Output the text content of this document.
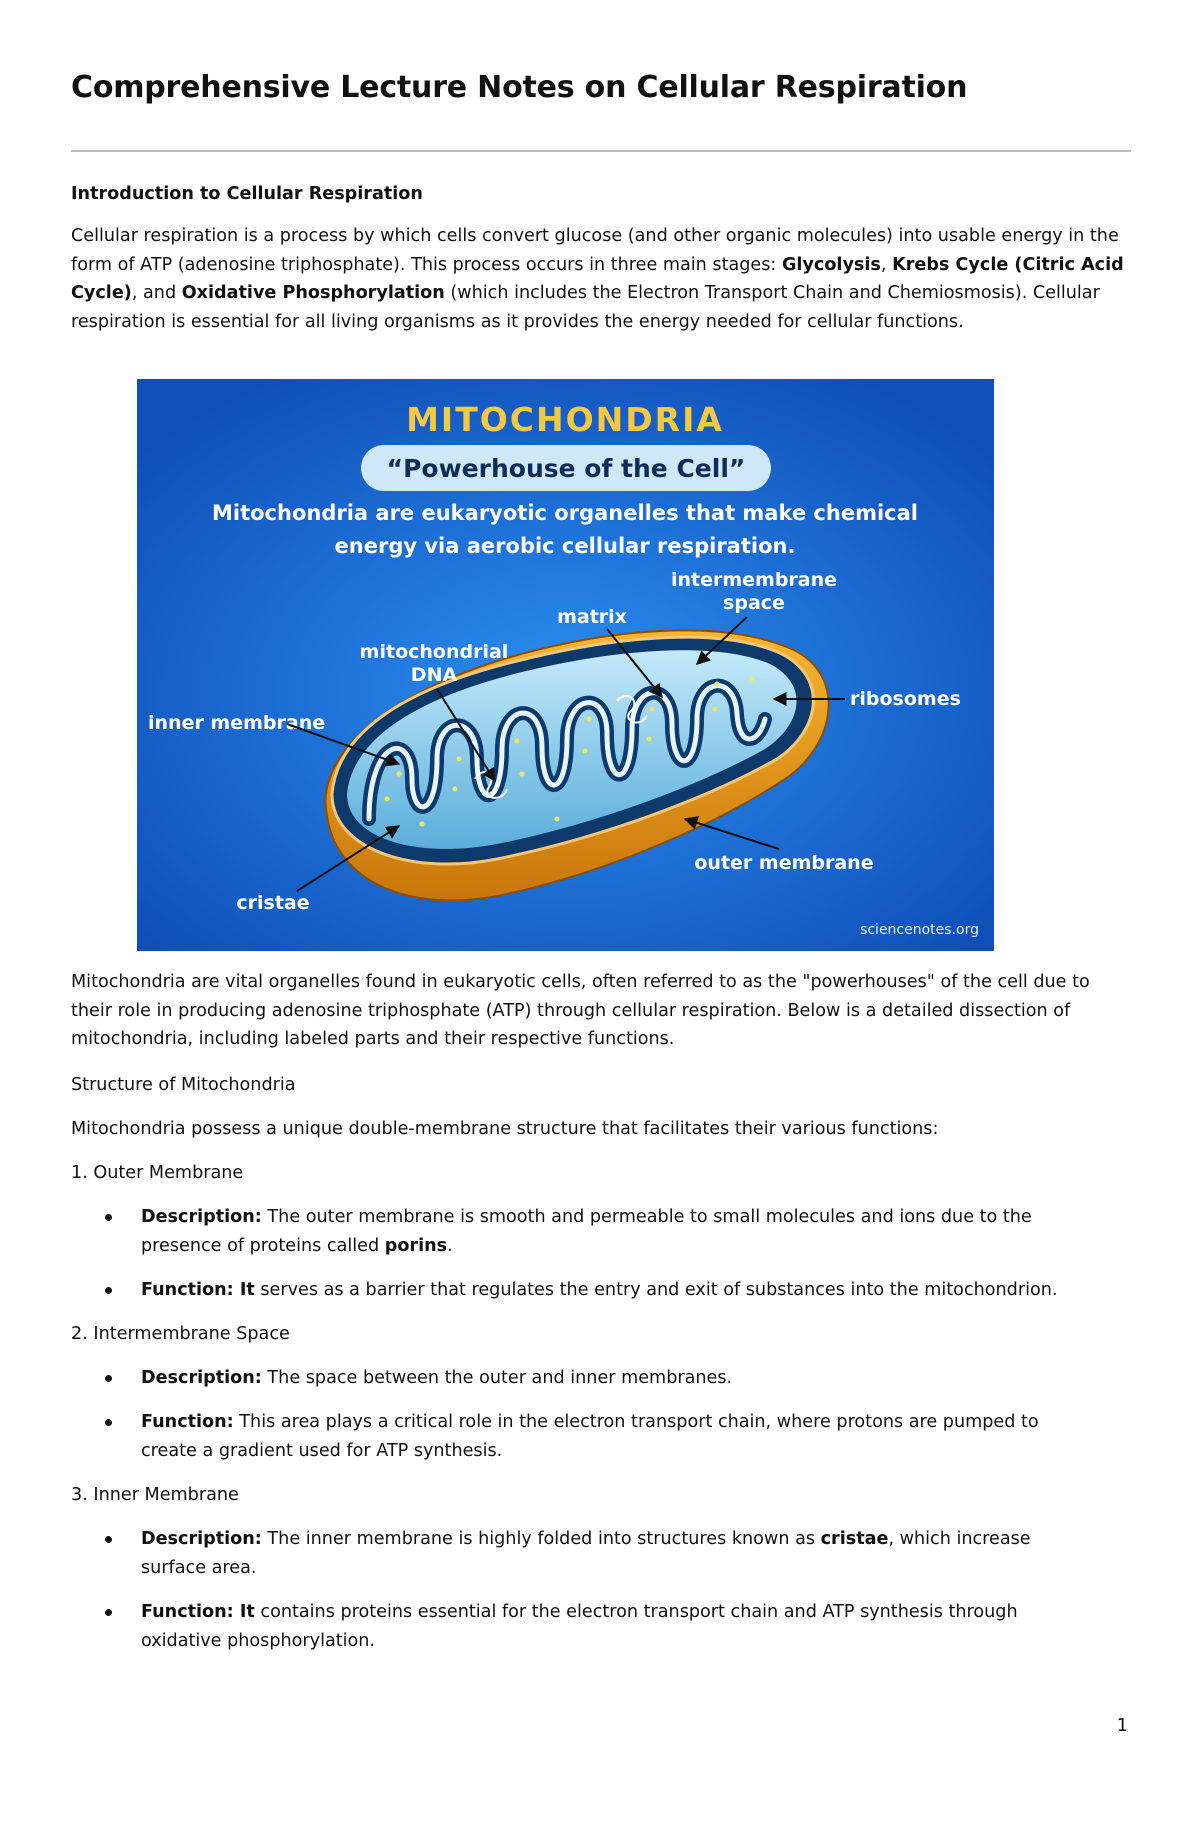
Comprehensive Lecture Notes on Cellular Respiration

Introduction to Cellular Respiration

Cellular respiration is a process by which cells convert glucose (and other organic molecules) into usable energy in the form of ATP (adenosine triphosphate). This process occurs in three main stages: Glycolysis, Krebs Cycle (Citric Acid Cycle), and Oxidative Phosphorylation (which includes the Electron Transport Chain and Chemiosmosis). Cellular respiration is essential for all living organisms as it provides the energy needed for cellular functions.

MITOCHONDRIA
“Powerhouse of the Cell”
Mitochondria are eukaryotic organelles that make chemical
energy via aerobic cellular respiration.
intermembrane
space
matrix
mitochondrial
DNA
ribosomes
inner membrane
outer membrane
cristae
sciencenotes.org

Mitochondria are vital organelles found in eukaryotic cells, often referred to as the "powerhouses" of the cell due to their role in producing adenosine triphosphate (ATP) through cellular respiration. Below is a detailed dissection of mitochondria, including labeled parts and their respective functions.

Structure of Mitochondria

Mitochondria possess a unique double-membrane structure that facilitates their various functions:

1. Outer Membrane

Description: The outer membrane is smooth and permeable to small molecules and ions due to the presence of proteins called porins.
Function: It serves as a barrier that regulates the entry and exit of substances into the mitochondrion.

2. Intermembrane Space

Description: The space between the outer and inner membranes.
Function: This area plays a critical role in the electron transport chain, where protons are pumped to create a gradient used for ATP synthesis.

3. Inner Membrane

Description: The inner membrane is highly folded into structures known as cristae, which increase surface area.
Function: It contains proteins essential for the electron transport chain and ATP synthesis through oxidative phosphorylation.
1
